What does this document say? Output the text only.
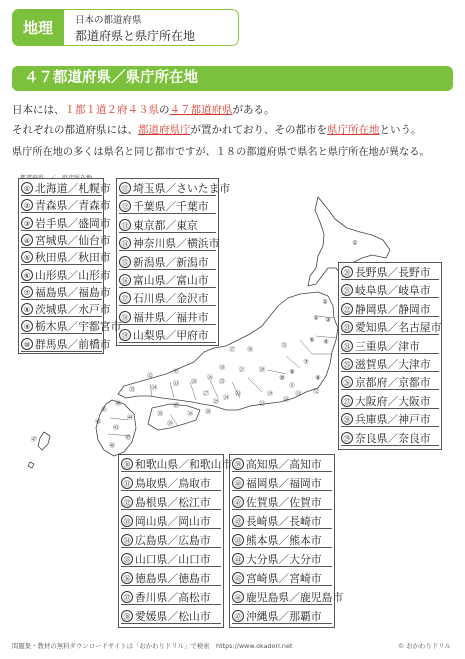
地理	日本の都道府県
都道府県と県庁所在地
４７都道府県／県庁所在地
日本には、１都１道２府４３県の４７都道府県がある。
それぞれの都道府県には、都道府県庁が置かれており、その都市を県庁所在地という。
県庁所在地の多くは県名と同じ都市ですが、１８の都道府県で県名と県庁所在地が異なる。
①
②
③
④
⑤
⑥
⑦
⑧
⑨
⑩
⑪
⑫
⑬
⑭
⑮
⑯
⑰
⑱
⑲
⑳
㉑
㉒
㉓
㉔
㉕
㉖
㉗
㉘
㉙
㉚
㉛
㉜
㉝
㉞
㉟
㊱
㊲
㊳
㊴
㊵
㊶
㊷
㊸
㊹
㊺
㊻
㊼
① 北海道／札幌市
② 青森県／青森市
③ 岩手県／盛岡市
④ 宮城県／仙台市
⑤ 秋田県／秋田市
⑥ 山形県／山形市
⑦ 福島県／福島市
⑧ 茨城県／水戸市
⑨ 栃木県／宇都宮市
⑩ 群馬県／前橋市
⑪ 埼玉県／さいたま市
⑫ 千葉県／千葉市
⑬ 東京都／東京
⑭ 神奈川県／横浜市
⑮ 新潟県／新潟市
⑯ 富山県／富山市
⑰ 石川県／金沢市
⑱ 福井県／福井市
⑲ 山梨県／甲府市
⑳ 長野県／長野市
㉑ 岐阜県／岐阜市
㉒ 静岡県／静岡市
㉓ 愛知県／名古屋市
㉔ 三重県／津市
㉕ 滋賀県／大津市
㉖ 京都府／京都市
㉗ 大阪府／大阪市
㉘ 兵庫県／神戸市
㉙ 奈良県／奈良市
㉚ 和歌山県／和歌山市
㉛ 鳥取県／鳥取市
㉜ 島根県／松江市
㉝ 岡山県／岡山市
㉞ 広島県／広島市
㉟ 山口県／山口市
㊱ 徳島県／徳島市
㊲ 香川県／高松市
㊳ 愛媛県／松山市
㊴ 高知県／高知市
㊵ 福岡県／福岡市
㊶ 佐賀県／佐賀市
㊷ 長崎県／長崎市
㊸ 熊本県／熊本市
㊹ 大分県／大分市
㊺ 宮崎県／宮崎市
㊻ 鹿児島県／鹿児島市
㊼ 沖縄県／那覇市
問題集・教材の無料ダウンロードサイトは「おかわりドリル」で検索　https://www.okadori.net	© おかわりドリル
